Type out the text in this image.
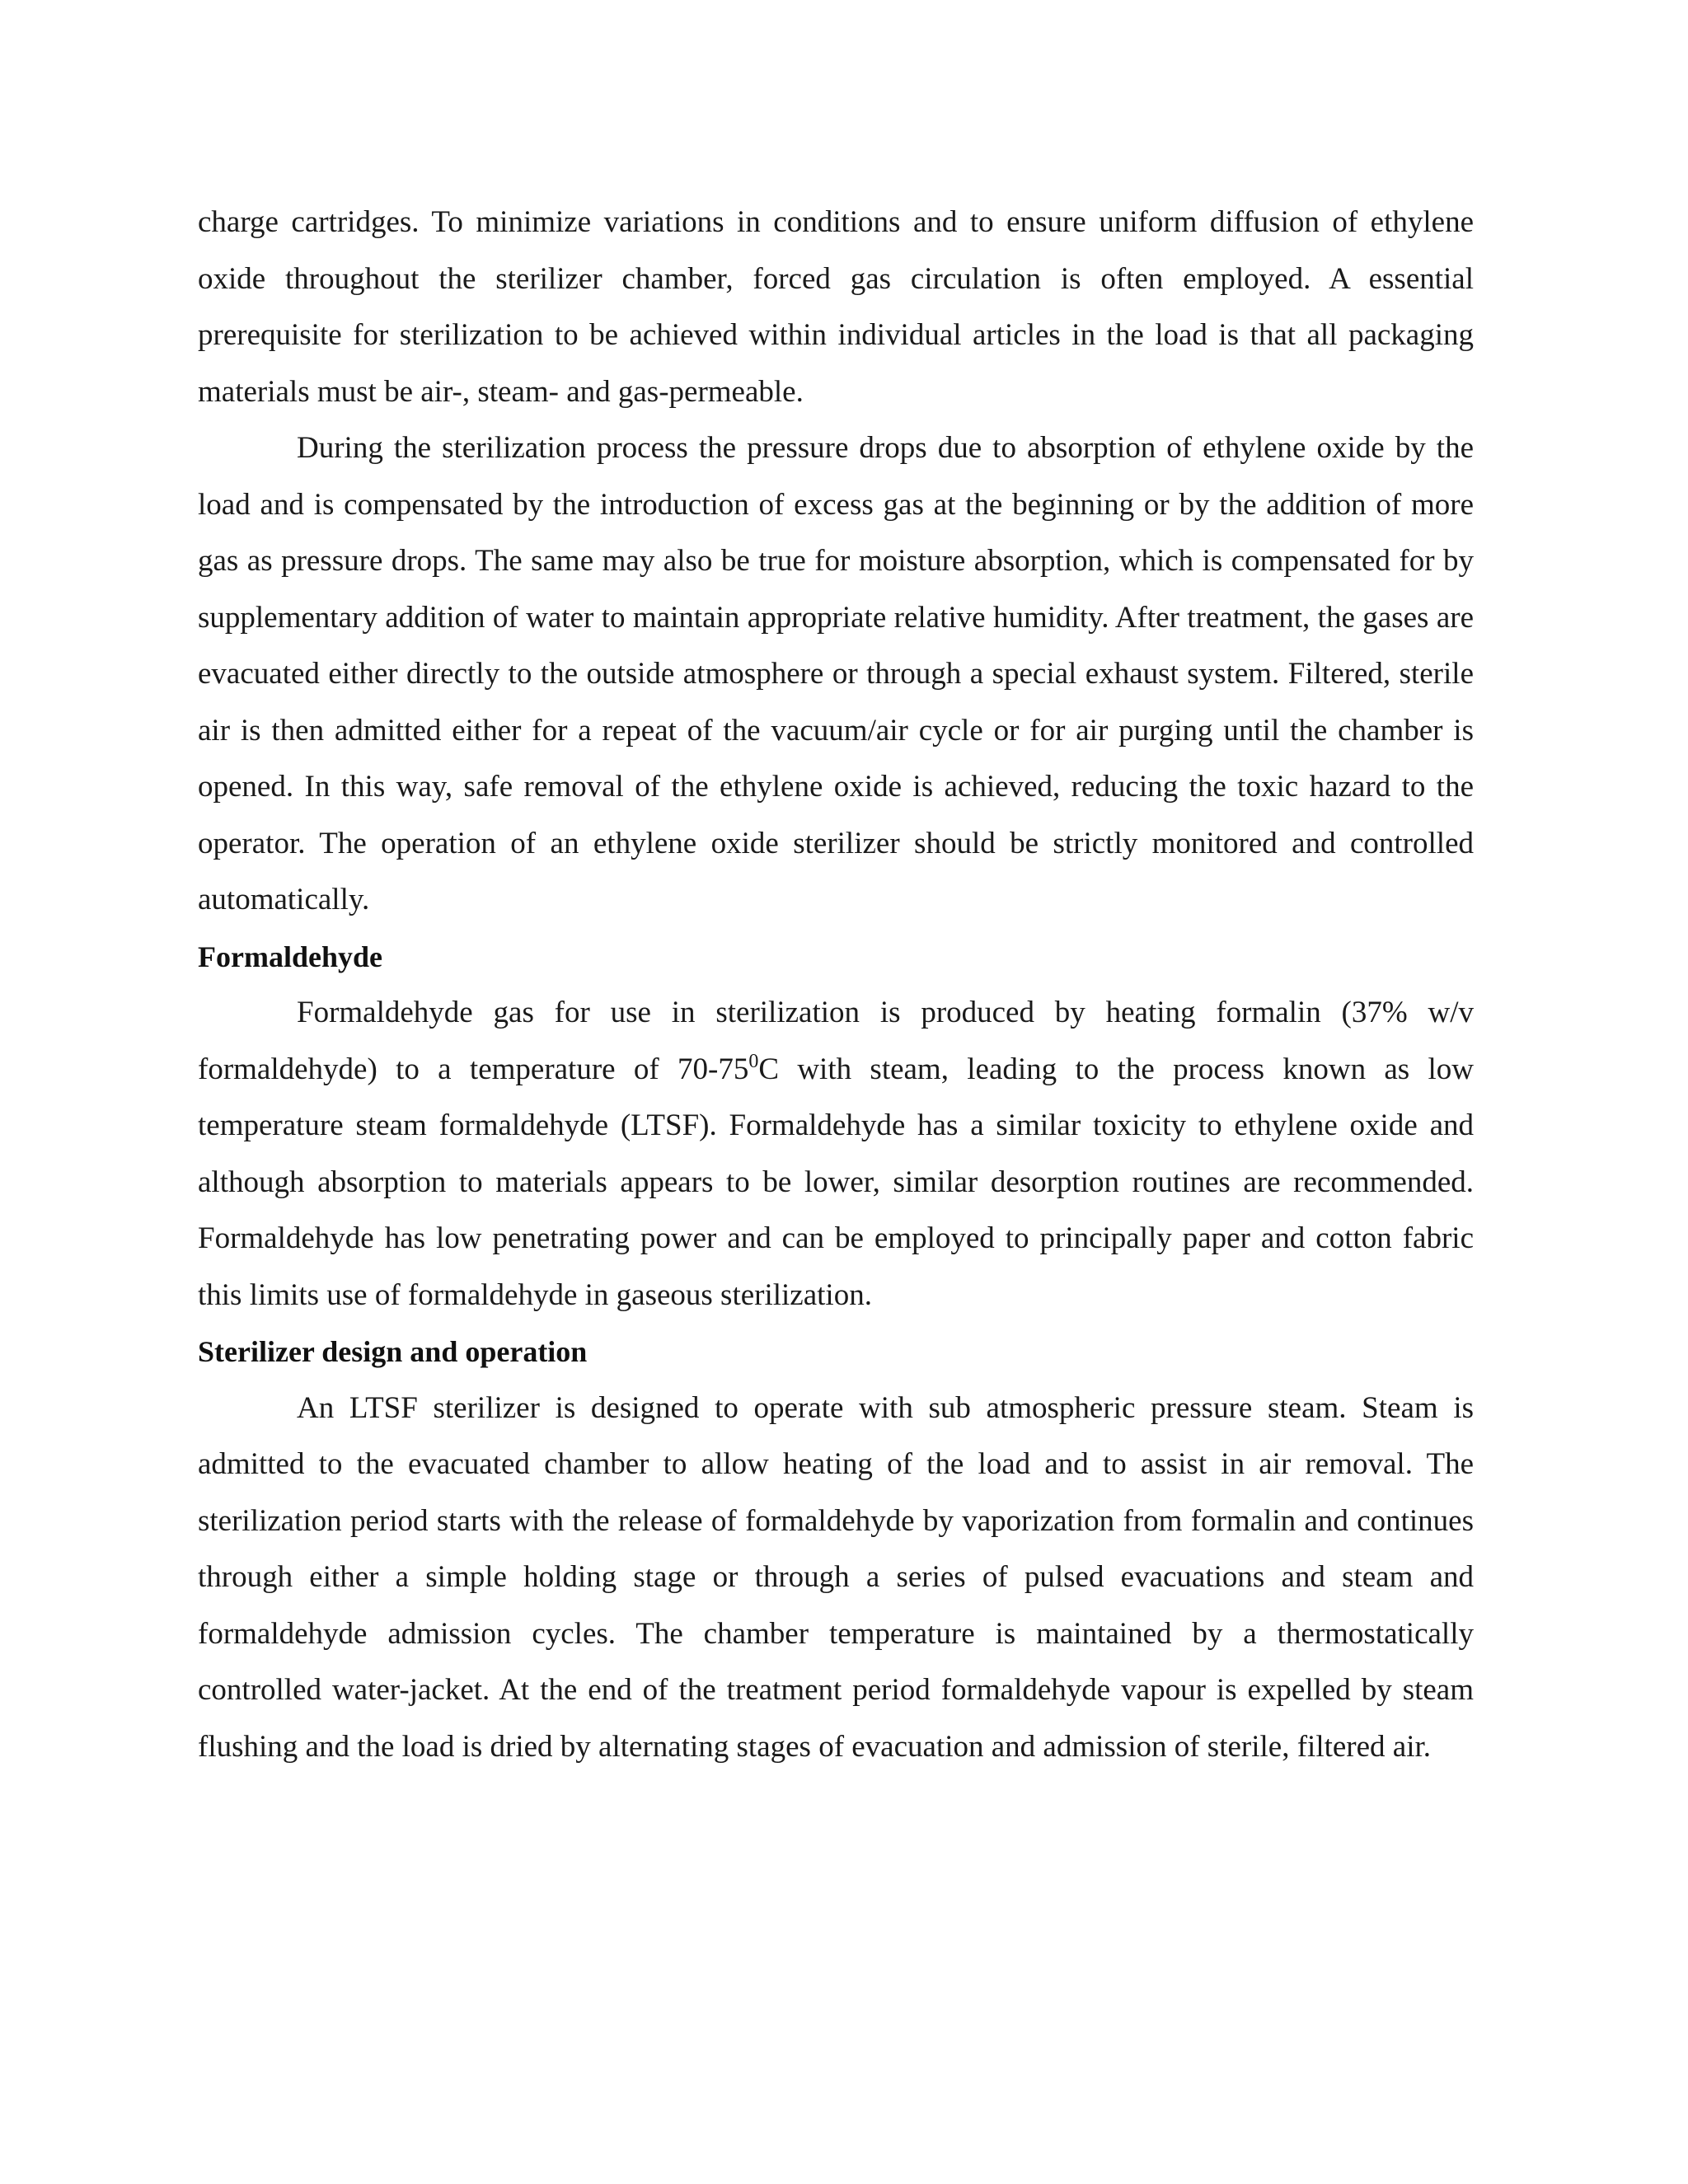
charge cartridges. To minimize variations in conditions and to ensure uniform diffusion of ethylene oxide throughout the sterilizer chamber, forced gas circulation is often employed. A essential prerequisite for sterilization to be achieved within individual articles in the load is that all packaging materials must be air-, steam- and gas-permeable.

During the sterilization process the pressure drops due to absorption of ethylene oxide by the load and is compensated by the introduction of excess gas at the beginning or by the addition of more gas as pressure drops. The same may also be true for moisture absorption, which is compensated for by supplementary addition of water to maintain appropriate relative humidity. After treatment, the gases are evacuated either directly to the outside atmosphere or through a special exhaust system. Filtered, sterile air is then admitted either for a repeat of the vacuum/air cycle or for air purging until the chamber is opened. In this way, safe removal of the ethylene oxide is achieved, reducing the toxic hazard to the operator. The operation of an ethylene oxide sterilizer should be strictly monitored and controlled automatically.

Formaldehyde

Formaldehyde gas for use in sterilization is produced by heating formalin (37% w/v formaldehyde) to a temperature of $70-75^0C$ with steam, leading to the process known as low temperature steam formaldehyde (LTSF). Formaldehyde has a similar toxicity to ethylene oxide and although absorption to materials appears to be lower, similar desorption routines are recommended. Formaldehyde has low penetrating power and can be employed to principally paper and cotton fabric this limits use of formaldehyde in gaseous sterilization.

Sterilizer design and operation

An LTSF sterilizer is designed to operate with sub atmospheric pressure steam. Steam is admitted to the evacuated chamber to allow heating of the load and to assist in air removal. The sterilization period starts with the release of formaldehyde by vaporization from formalin and continues through either a simple holding stage or through a series of pulsed evacuations and steam and formaldehyde admission cycles. The chamber temperature is maintained by a thermostatically controlled water-jacket. At the end of the treatment period formaldehyde vapour is expelled by steam flushing and the load is dried by alternating stages of evacuation and admission of sterile, filtered air.
